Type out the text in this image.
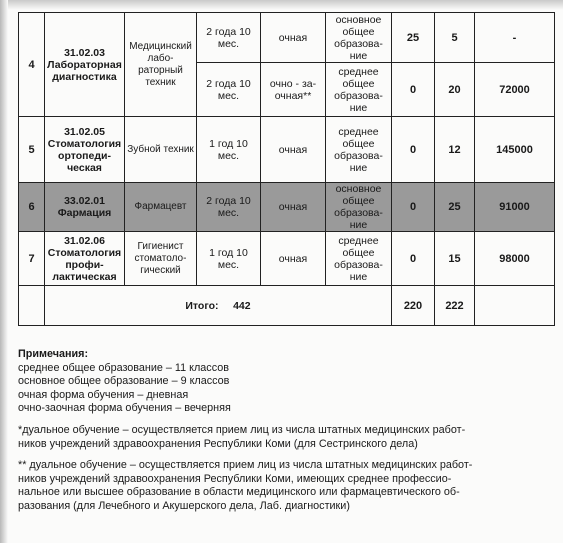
4	31.02.03 Лабораторная диагностика	Медицинский лабораторный техник	2 года 10 мес.	очная	основное общее образование	25	5	-
			2 года 10 мес.	очно - заочная**	среднее общее образование	0	20	72000
5	31.02.05 Стоматология ортопедическая	Зубной техник	1 год 10 мес.	очная	среднее общее образование	0	12	145000
6	33.02.01 Фармация	Фармацевт	2 года 10 мес.	очная	основное общее образование	0	25	91000
7	31.02.06 Стоматология профилактическая	Гигиенист стоматологический	1 год 10 мес.	очная	среднее общее образование	0	15	98000
	Итого: 442					220	222	

Примечания:

среднее общее образование – 11 классов

основное общее образование – 9 классов

очная форма обучения – дневная

очно-заочная форма обучения – вечерняя

*дуальное обучение – осуществляется прием лиц из числа штатных медицинских работ-

ников учреждений здравоохранения Республики Коми (для Сестринского дела)

** дуальное обучение – осуществляется прием лиц из числа штатных медицинских работ-

ников учреждений здравоохранения Республики Коми, имеющих среднее профессио-

нальное или высшее образование в области медицинского или фармацевтического об-

разования (для Лечебного и Акушерского дела, Лаб. диагностики)
